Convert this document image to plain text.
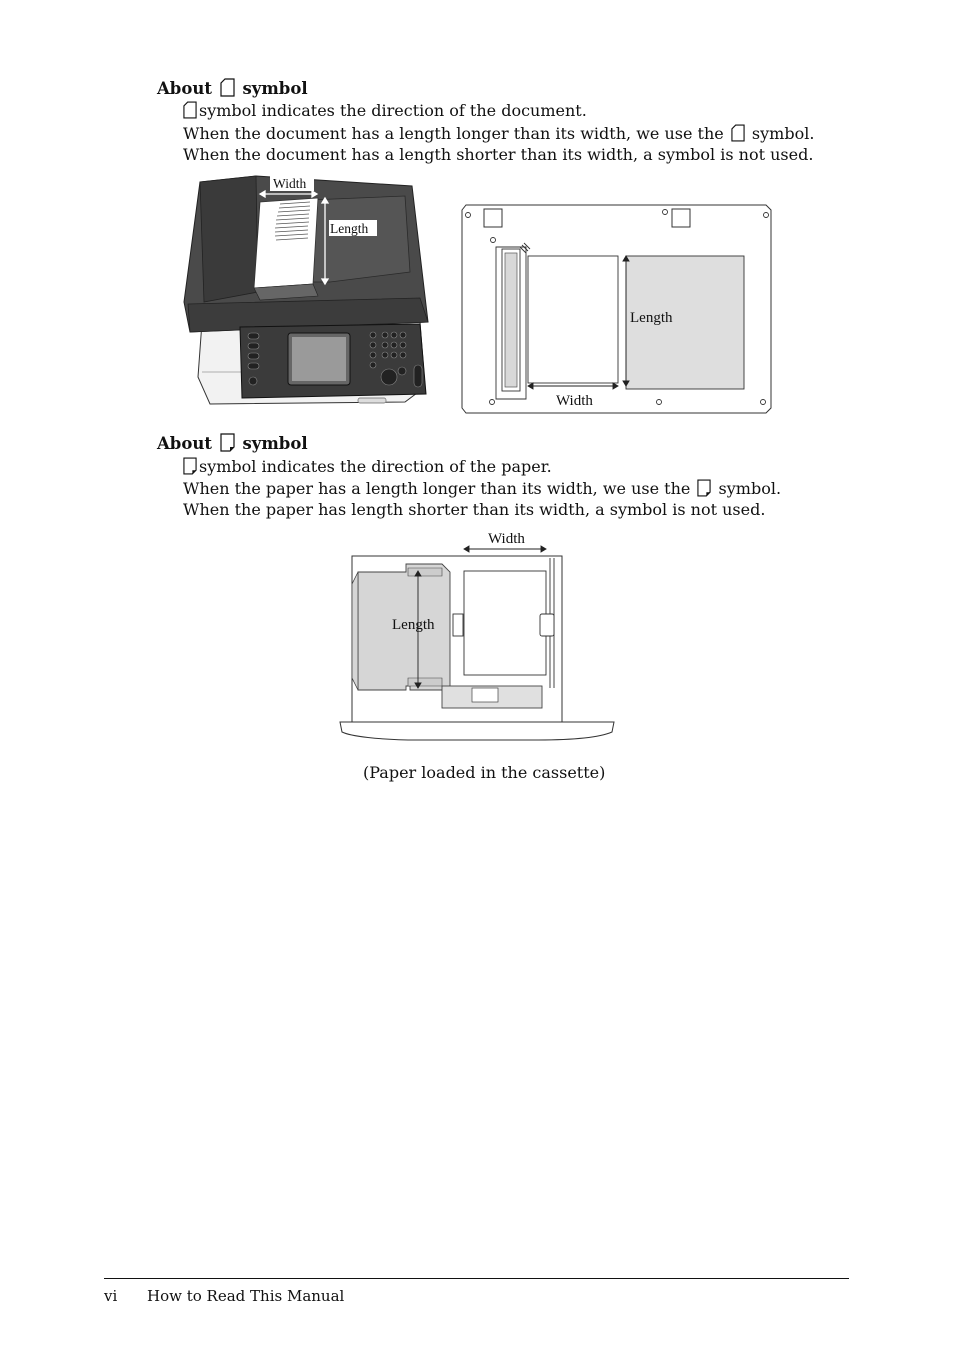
About symbol
symbol indicates the direction of the document.
When the document has a length longer than its width, we use the symbol.
When the document has a length shorter than its width, a symbol is not used.
Width
Length
Length
Width
About symbol
symbol indicates the direction of the paper.
When the paper has a length longer than its width, we use the symbol.
When the paper has length shorter than its width, a symbol is not used.
Width
Length
(Paper loaded in the cassette)
vi How to Read This Manual
